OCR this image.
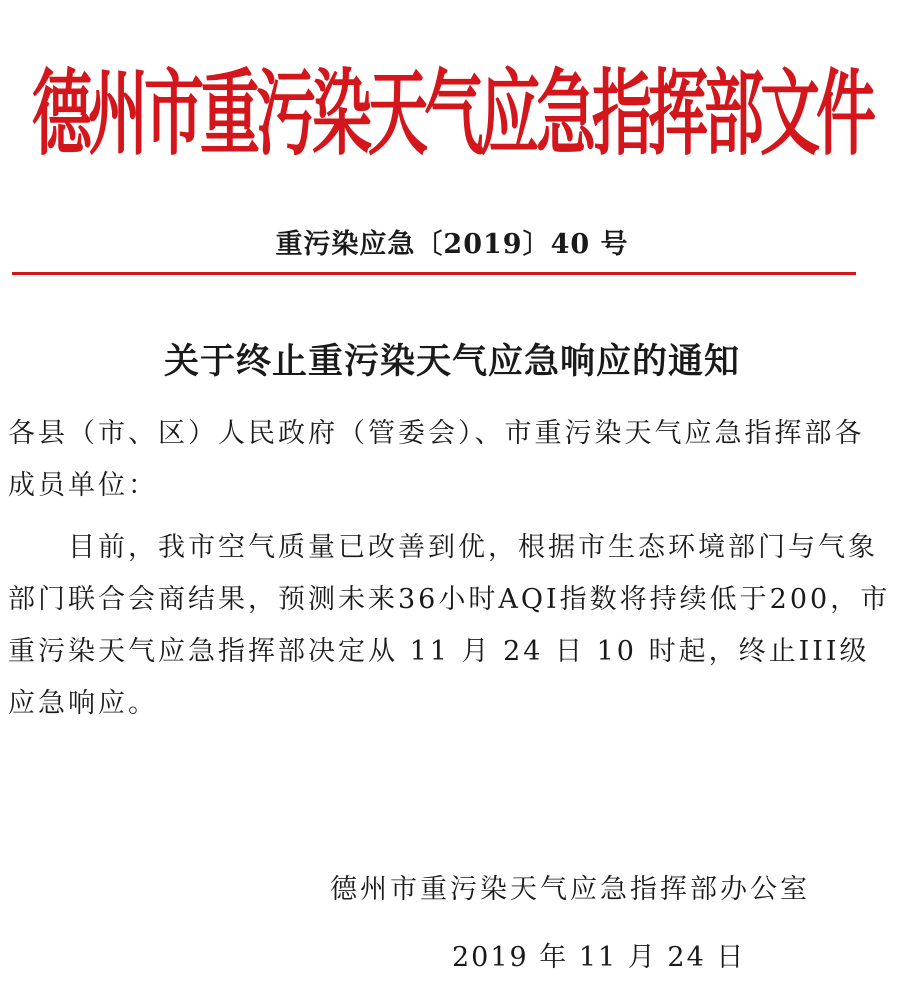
德州市重污染天气应急指挥部文件
重污染应急〔2019〕40 号
关于终止重污染天气应急响应的通知

各县（市、区）人民政府（管委会）、市重污染天气应急指挥部各成员单位：

目前，我市空气质量已改善到优，根据市生态环境部门与气象部门联合会商结果，预测未来36小时AQI指数将持续低于200，市重污染天气应急指挥部决定从 11 月 24 日 10 时起，终止III级应急响应。

德州市重污染天气应急指挥部办公室
2019 年 11 月 24 日
